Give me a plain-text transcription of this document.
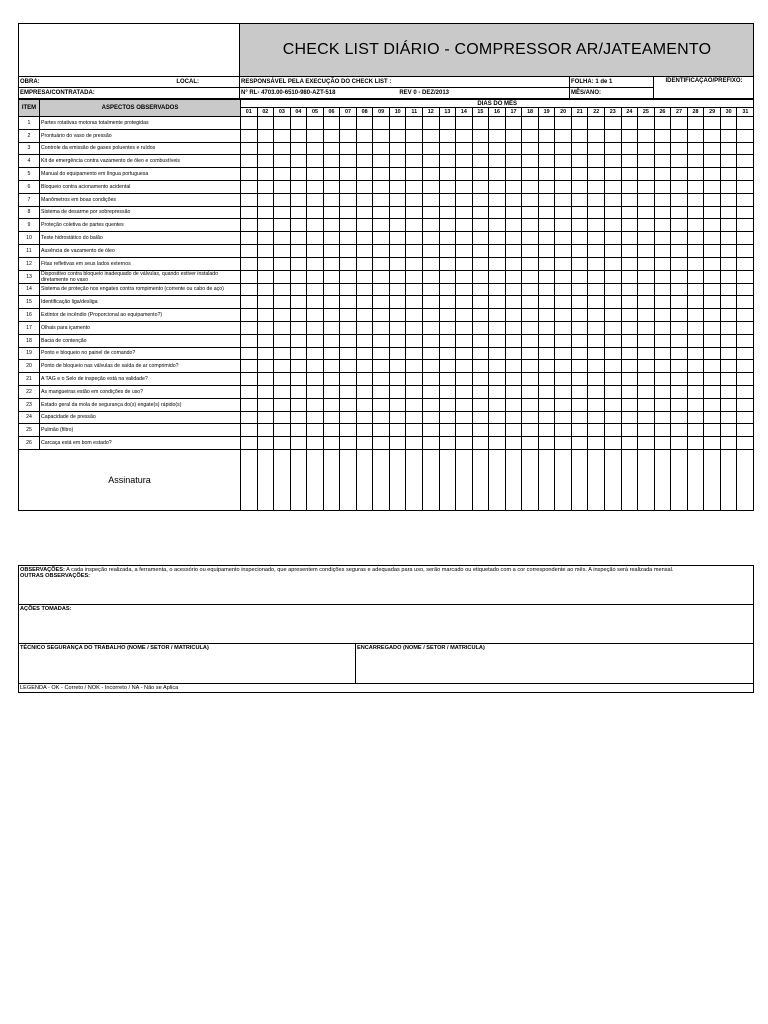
	CHECK LIST DIÁRIO - COMPRESSOR AR/JATEAMENTO		

OBRA: LOCAL:	RESPONSÁVEL PELA EXECUÇÃO DO CHECK LIST :	FOLHA: 1 de 1	IDENTIFICAÇÃO/PREFIXO:
EMPRESA/CONTRATADA:	N° RL- 4703.00-6510-980-AZT-518 REV 0 - DEZ/2013	MÊS/ANO:	
ITEM	ASPECTOS OBSERVADOS	DIAS DO MÊS																														
		01	02	03	04	05	06	07	08	09	10	11	12	13	14	15	16	17	18	19	20	21	22	23	24	25	26	27	28	29	30	31
1	Partes rotativas motoras totalmente protegidas																															
2	Prontuário do vaso de pressão																															
3	Controle da emissão de gases poluentes e ruídos																															
4	Kit de emergência contra vazamento de óleo e combustíveis																															
5	Manual do equipamento em língua portuguesa																															
6	Bloqueio contra acionamento acidental																															
7	Manômetros em boas condições																															
8	Sistema de desarme por sobrepressão																															
9	Proteção coletiva de partes quentes																															
10	Teste hidrostático do balão																															
11	Ausência de vazamento de óleo																															
12	Fitas refletivas em seus lados externos																															
13	Dispositivo contra bloqueio inadequado de válvulas, quando estiver instalado diretamente no vaso																															
14	Sistema de proteção nos engates contra rompimento (corrente ou cabo de aço)																															
15	Identificação liga/desliga																															
16	Extintor de incêndio (Proporcional ao equipamento?)																															
17	Olhais para içamento																															
18	Bacia de contenção																															
19	Ponto e bloqueio no painel de comando?																															
20	Ponto de bloqueio nas válvulas de saída de ar comprimido?																															
21	A TAG e o Selo de inspeção está na validade?																															
22	As mangueiras estão em condições de uso?																															
23	Estado geral da mola de segurança do(s) engate(s) rápido(s)																															
24	Capacidade de pressão																															
25	Pulmão (filtro)																															
26	Carcaça está em bom estado?																															
Assinatura																																
OBSERVAÇÕES: A cada inspeção realizada, a ferramenta, o acessório ou equipamento inspecionado, que apresentem condições seguras e adequadas para uso, serão marcado ou etiquetado com a cor correspondente ao mês. A inspeção será realizada mensal.
OUTRAS OBSERVAÇÕES:
AÇÕES TOMADAS:
TÉCNICO SEGURANÇA DO TRABALHO (NOME / SETOR / MATRICULA)	ENCARREGADO (NOME / SETOR / MATRICULA)
LEGENDA - OK - Correto / NOK - Incorreto / NA - Não se Aplica
